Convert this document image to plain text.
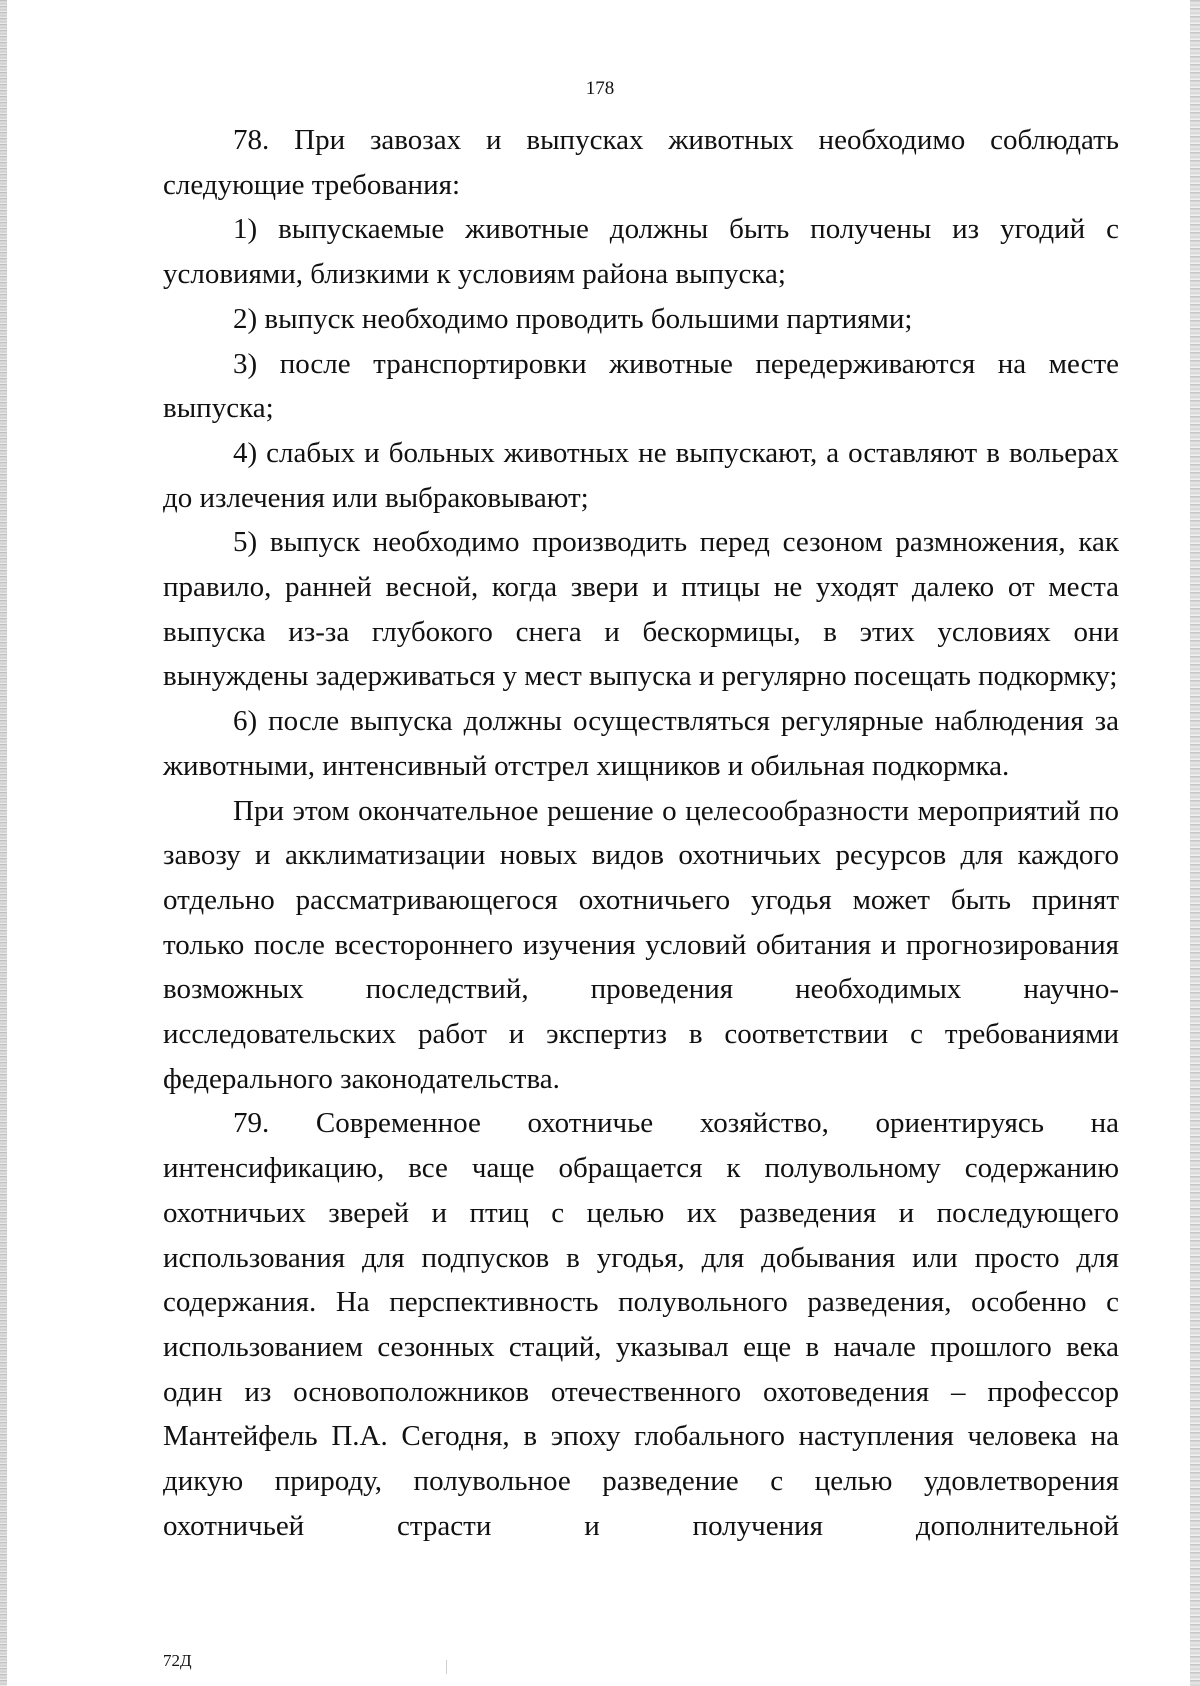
178

78. При завозах и выпусках животных необходимо соблюдать следующие требования:

1) выпускаемые животные должны быть получены из угодий с условиями, близкими к условиям района выпуска;

2) выпуск необходимо проводить большими партиями;

3) после транспортировки животные передерживаются на месте выпуска;

4) слабых и больных животных не выпускают, а оставляют в вольерах до излечения или выбраковывают;

5) выпуск необходимо производить перед сезоном размножения, как правило, ранней весной, когда звери и птицы не уходят далеко от места выпуска из-за глубокого снега и бескормицы, в этих условиях они вынуждены задерживаться у мест выпуска и регулярно посещать подкормку;

6) после выпуска должны осуществляться регулярные наблюдения за животными, интенсивный отстрел хищников и обильная подкормка.

При этом окончательное решение о целесообразности мероприятий по завозу и акклиматизации новых видов охотничьих ресурсов для каждого отдельно рассматривающегося охотничьего угодья может быть принят только после всестороннего изучения условий обитания и прогнозирования возможных последствий, проведения необходимых научно-исследовательских работ и экспертиз в соответствии с требованиями федерального законодательства.

79. Современное охотничье хозяйство, ориентируясь на интенсификацию, все чаще обращается к полувольному содержанию охотничьих зверей и птиц с целью их разведения и последующего использования для подпусков в угодья, для добывания или просто для содержания. На перспективность полувольного разведения, особенно с использованием сезонных стаций, указывал еще в начале прошлого века один из основоположников отечественного охотоведения – профессор Мантейфель П.А. Сегодня, в эпоху глобального наступления человека на дикую природу, полувольное разведение с целью удовлетворения охотничьей страсти и получения дополнительной

72Д
